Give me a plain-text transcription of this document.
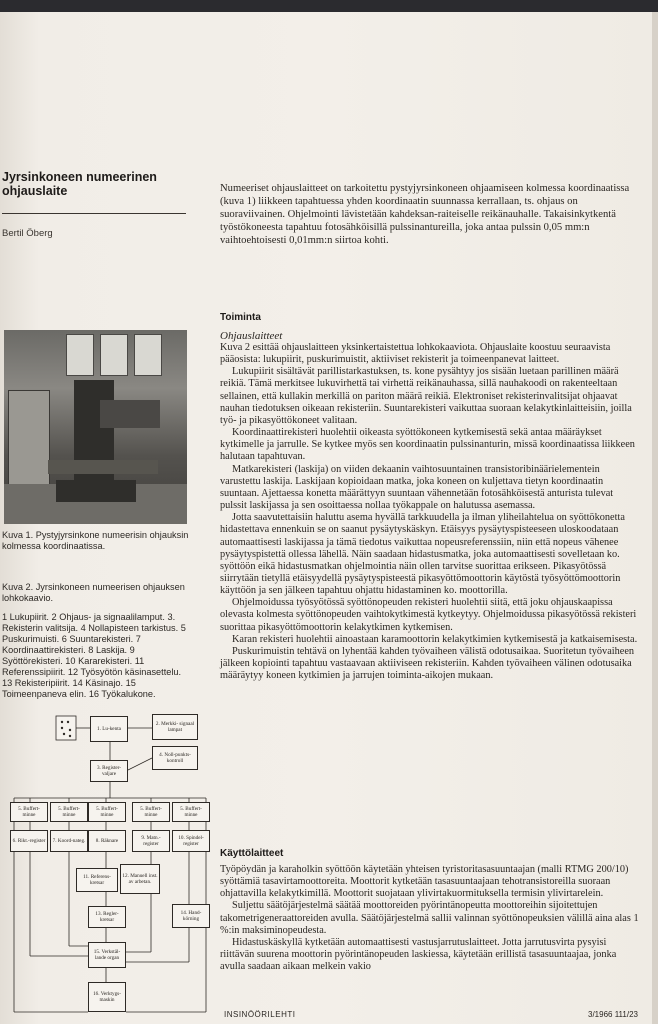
Jyrsinkoneen numeerinen ohjauslaite
Bertil Öberg
Numeeriset ohjauslaitteet on tarkoitettu pystyjyrsinkoneen ohjaamiseen kolmessa koordinaatissa (kuva 1) liikkeen tapahtuessa yhden koordinaatin suunnassa kerrallaan, ts. ohjaus on suoraviivainen. Ohjelmointi lävistetään kahdeksan-raiteiselle reikänauhalle. Takaisinkytkentä työstökoneesta tapahtuu fotosähköisillä pulssinantureilla, joka antaa pulssin 0,05 mm:n vaihtoehtoisesti 0,01mm:n siirtoa kohti.
Kuva 1. Pystyjyrsinkone numeerisin ohjauksin kolmessa koordinaatissa.
Kuva 2. Jyrsinkoneen numeerisen ohjauksen lohkokaavio.
1 Lukupiirit. 2 Ohjaus- ja signaalilamput. 3. Rekisterin valitsija. 4 Nollapisteen tarkistus. 5 Puskurimuisti. 6 Suuntarekisteri. 7 Koordinaattirekisteri. 8 Laskija. 9 Syöttörekisteri. 10 Kararekisteri. 11 Referenssipiirit. 12 Työsyötön käsinasettelu. 13 Rekisteripiirit. 14 Käsinajo. 15 Toimeenpaneva elin. 16 Työkalukone.
1. Lu-kenta
2. Merkki- signaal lampat
3. Register-valjare
4. Noll-punkts-kontroll
5. Buffert-minne
5. Buffert-minne
5. Buffert-minne
5. Buffert-minne
5. Buffert-minne
6. Rikt.-register	7. Koord-nateg.	8. Räknare	9. Matn.-register
10. Spindel-register
11. Referens-kretsar
12. Manuell inst. av arbetan.
13. Regler-kretsar
14. Hand-körning
15. Verkstäl-lande organ
16. Verktygs-maskin
Toiminta
Ohjauslaitteet

Kuva 2 esittää ohjauslaitteen yksinkertaistettua lohkokaaviota. Ohjauslaite koostuu seuraavista pääosista: lukupiirit, puskurimuistit, aktiiviset rekisterit ja toimeenpanevat laitteet.

Lukupiirit sisältävät parillistarkastuksen, ts. kone pysähtyy jos sisään luetaan parillinen määrä reikiä. Tämä merkitsee lukuvirhettä tai virhettä reikänauhassa, sillä nauhakoodi on rakenteeltaan sellainen, että kullakin merkillä on pariton määrä reikiä. Elektroniset rekisterinvalitsijat ohjaavat nauhan tiedotuksen oikeaan rekisteriin. Suuntarekisteri vaikuttaa suoraan kelakytkinlaitteisiin, joilla työ- ja pikasyöttökoneet valitaan.

Koordinaattirekisteri huolehtii oikeasta syöttökoneen kytkemisestä sekä antaa määräykset kytkimelle ja jarrulle. Se kytkee myös sen koordinaatin pulssinanturin, missä koordinaatissa liikkeen halutaan tapahtuvan.

Matkarekisteri (laskija) on viiden dekaanin vaihtosuuntainen transistoribinäärielementein varustettu laskija. Laskijaan kopioidaan matka, joka koneen on kuljettava tietyn koordinaatin suuntaan. Ajettaessa konetta määrättyyn suuntaan vähennetään fotosähköisestä anturista tulevat pulssit laskijassa ja sen osoittaessa nollaa työkappale on halutussa asemassa.

Jotta saavutettaisiin haluttu asema hyvällä tarkkuudella ja ilman yliheilahtelua on syöttökonetta hidastettava ennenkuin se on saanut pysäytyskäskyn. Etäisyys pysäytyspisteeseen uloskoodataan automaattisesti laskijassa ja tämä tiedotus vaikuttaa nopeusreferenssiin, niin että nopeus vähenee pysäytyspistettä ollessa lähellä. Näin saadaan hidastusmatka, joka automaattisesti sovelletaan ko. syöttöön eikä hidastusmatkan ohjelmointia näin ollen tarvitse suorittaa erikseen. Pikasyötössä siirrytään tietyllä etäisyydellä pysäytyspisteestä pikasyöttömoottorin käytöstä työsyöttömoottorin käyttöön ja sen jälkeen tapahtuu ohjattu hidastaminen ko. moottorilla.

Ohjelmoidussa työsyötössä syöttönopeuden rekisteri huolehtii siitä, että joku ohjauskaapissa olevasta kolmesta syöttönopeuden vaihtokytkimestä kytkeytyy. Ohjelmoidussa pikasyötössä rekisteri suorittaa pikasyöttömoottorin kelakytkimen kytkemisen.

Karan rekisteri huolehtii ainoastaan karamoottorin kelakytkimien kytkemisestä ja katkaisemisesta.

Puskurimuistin tehtävä on lyhentää kahden työvaiheen välistä odotusaikaa. Suoritetun työvaiheen jälkeen kopiointi tapahtuu vastaavaan aktiiviseen rekisteriin. Kahden työvaiheen välinen odotusaika määräytyy koneen kytkimien ja jarrujen toiminta-aikojen mukaan.

Käyttölaitteet

Työpöydän ja karaholkin syöttöön käytetään yhteisen tyristoritasasuuntaajan (malli RTMG 200/10) syöttämiä tasavirtamoottoreita. Moottorit kytketään tasasuuntaajaan tehotransistoreilla suoraan ohjattavilla kelakytkimillä. Moottorit suojataan ylivirtakuormituksella termisin ylivirtarelein.

Suljettu säätöjärjestelmä säätää moottoreiden pyörintänopeutta moottoreihin sijoitettujen takometrigeneraattoreiden avulla. Säätöjärjestelmä sallii valinnan syöttönopeuksien välillä aina alas 1 %:in maksiminopeudesta.

Hidastuskäskyllä kytketään automaattisesti vastusjarrutuslaitteet. Jotta jarrutusvirta pysyisi riittävän suurena moottorin pyörintänopeuden laskiessa, käytetään erillistä tasasuuntaajaa, jonka avulla saadaan aikaan melkein vakio

INSINÖÖRILEHTI	3/1966 111/23
